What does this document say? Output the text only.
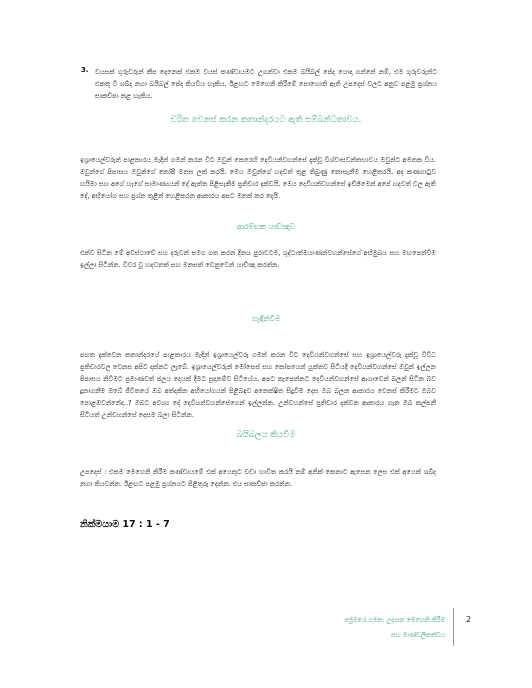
3. වයසක් ගුරුවරුන් කීප දෙනෙක් එකම වයස් කණ්ඩායමට උගන්වා එකම බයිබල් පේද යොදා ගන්නේ නම්, එම ගුරුවරුන්ට එකතු වී ශබ්ද නගා බයිබල් පේද කියවිය හැකිය. ඊළඟට මෙහෙනි කිරීමේ පොහොනි ඇති උපදෙස් වලට අනුව පළමු ප්‍රශ්නය සාකච්ඡා කළ හැකිය.
චරිත වෙනස් කරන කතාන්දරයට ඇති සම්බන්ධතාවය.
ඉශ්‍රායෙල්වරුන් පාළකාරය මැදින් ගමන් කරන විට ඔවුන් කෙරෙහි දෙවියන්වහන්සේ දැක්වූ විශ්වාසවන්තභාවය ඔවුන්ට අමතක විය. ඔවුන්ගේ පිපාසය ඔවුන්ගේ කෝපී මනස ලක් කරයි. මෙය ඔවුන්ගේ හදවත් තුළ තිබුණු නොසැනීම හෙළිකරයි. අද කණගාටුව හයිමා සහ අගේ හැගේ සාමාණ්‍යයන් දේ ඇත්ත පිළිසැකීම ප්‍රතිචාර දක්වයි. මෙය දෙවියන්වහන්සේ ඉච්ඡිමෙන් අපේ හදවත් වල ඇති දේ, අභියෝග සහ ප්‍රශ්න තුළින් හෙළිකරන ආකාරය අපට මතක් කර දෙයි.
ආරම්භක යාච්ඤාව
එක්ව සිටින මේ අවස්ථාවේ සහ දරුවන් සමග ගත කරන දිනය පුරාවටම, ශුද්ධාත්මයාණන්වහන්සේගේ අභිමුඛය සහ මඟපෙන්වීම ඉල්ලා සිටින්න. විවර වූ හදවතක් සහ මනසක් වෙනුවෙන් යාච්ඤා කරන්න.
හැඳින්වීම
පහත දැක්වෙන කතාන්දරයේ පාළකාරය මැදින් ඉශ්‍රායෙල්වරු ගමන් කරන විට දෙවියන්වහන්සේ සහ ඉශ්‍රායෙල්වරු දැක්වූ විවිධ ප්‍රතිචාරවල වෙනස අපිට දක්නට ලැබේ. ඉශ්‍රායෙල්වරුන් මෝසෙස් සහ කෝපයෙන් යුක්තව සිටියදී දෙවියන්වහන්සේ ඔවුන් ඉල්ලන පිපාසය නිවීමට ප්‍රමාණවත් ජලය දෙයක් දීමට සූදානම්ව සිටියේය. අපට කැපෙන්නට දෙවියන්වහන්සේ ආශාවෙන් බලන් සිටින බව දුනාගනීම ඔබේ ජීවිතයේ ඔබ අත්දකින අභියෝගයන් පිළිබඳව අනෙක්ෂිත සිදුවීම දෙස ඔබ බලන ආකාරය වෙනස් කිරීමට ඔබව පොළඹවන්නේද..? ඔබට අවශ්‍ය දේ දෙවියන්වහන්සේගෙන් ඉල්ලන්න. උන්වහන්සේ ප්‍රතිචාර දක්වන ආකාරය ගැන ඔබ කල්පනී සිටියත් උන්වහන්සේ දෙසම බලා සිටින්න.
බයිබලය කියවීම
උපදෙස් : එකම මෙහෙනි කිරීම කණ්ඩායමේ එක් අයෙකුට චඩා හාවිත කරයි නම් අනික් කෙනාට ඇසෙන ලෙස එක් අයෙක් ශබ්ද නගා කියවන්න. ඊළඟට පළමු ප්‍රශ්නයට පිළිතුරු දෙන්න. එය සාකච්ඡා කරන්න.
නික්මයාම 17 : 1 - 7
ජ්‍රේමයේ ගමන: උද්‍යාන මෙහෙනි කිරීම
සහ මාණ්ඩලිකත්වය
2
